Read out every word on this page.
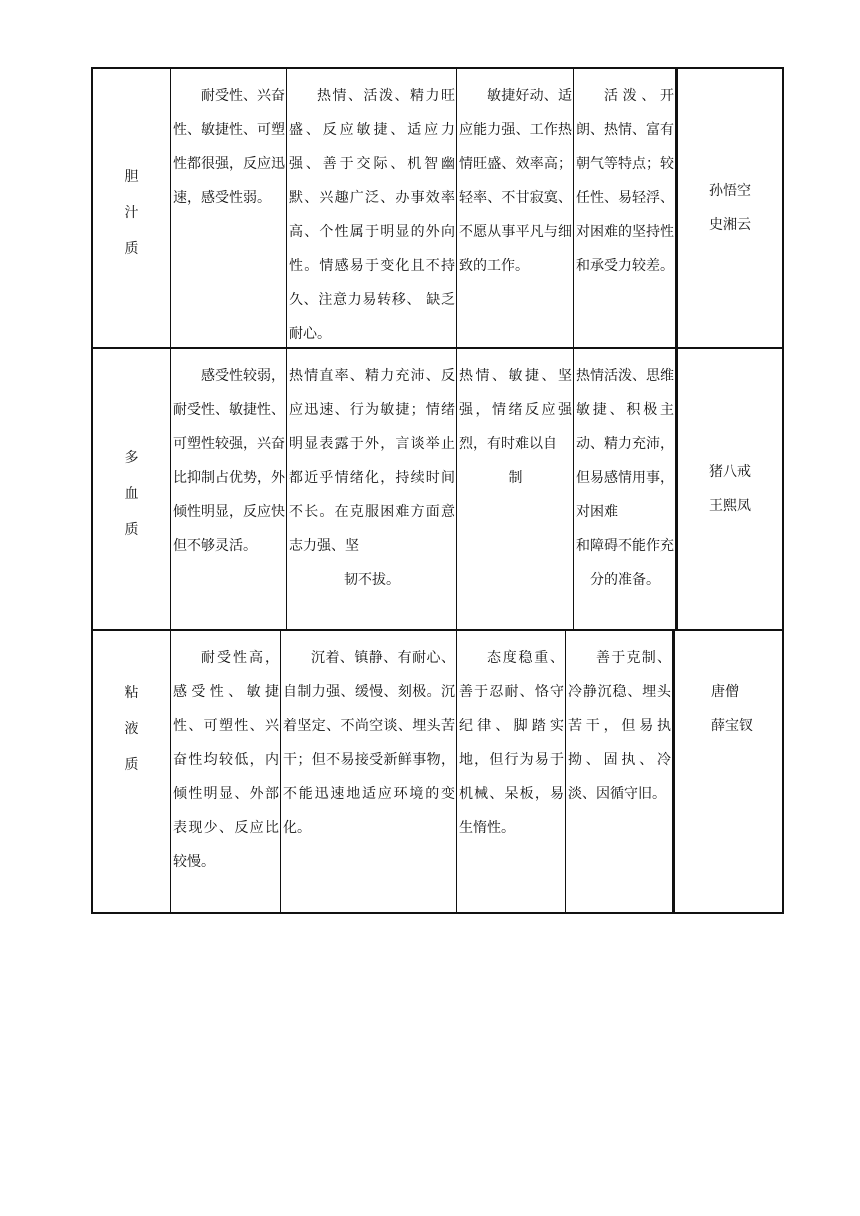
胆
汁
质
耐受性、兴奋性、敏捷性、可塑性都很强，反应迅速，感受性弱。
热情、活泼、精力旺盛、反应敏捷、适应力强、善于交际、机智幽默、兴趣广泛、办事效率高、个性属于明显的外向性。情感易于变化且不持久、注意力易转移、 缺乏耐心。
敏捷好动、适应能力强、工作热情旺盛、效率高；轻率、不甘寂寞、不愿从事平凡与细致的工作。
活泼、开朗、热情、富有朝气等特点；较任性、易轻浮、对困难的坚持性和承受力较差。
孙悟空
史湘云
多
血
质
感受性较弱，耐受性、敏捷性、可塑性较强，兴奋比抑制占优势，外倾性明显，反应快但不够灵活。
热情直率、精力充沛、反应迅速、行为敏捷；情绪明显表露于外，言谈举止都近乎情绪化，持续时间不长。在克服困难方面意志力强、坚
韧不拔。
热情、敏捷、坚强，情绪反应强烈，有时难以自
制
热情活泼、思维敏捷、积极主动、精力充沛，但易感情用事，对困难
和障碍不能作充分的准备。
猪八戒
王熙凤
粘
液
质
耐受性高，感受性、敏捷性、可塑性、兴奋性均较低，内倾性明显、外部表现少、反应比较慢。
沉着、镇静、有耐心、自制力强、缓慢、刻极。沉着坚定、不尚空谈、埋头苦干；但不易接受新鲜事物，不能迅速地适应环境的变化。
态度稳重、善于忍耐、恪守纪律、脚踏实地，但行为易于机械、呆板，易生惰性。
善于克制、冷静沉稳、埋头苦干，但易执拗、固执、冷淡、因循守旧。
唐僧
薛宝钗
